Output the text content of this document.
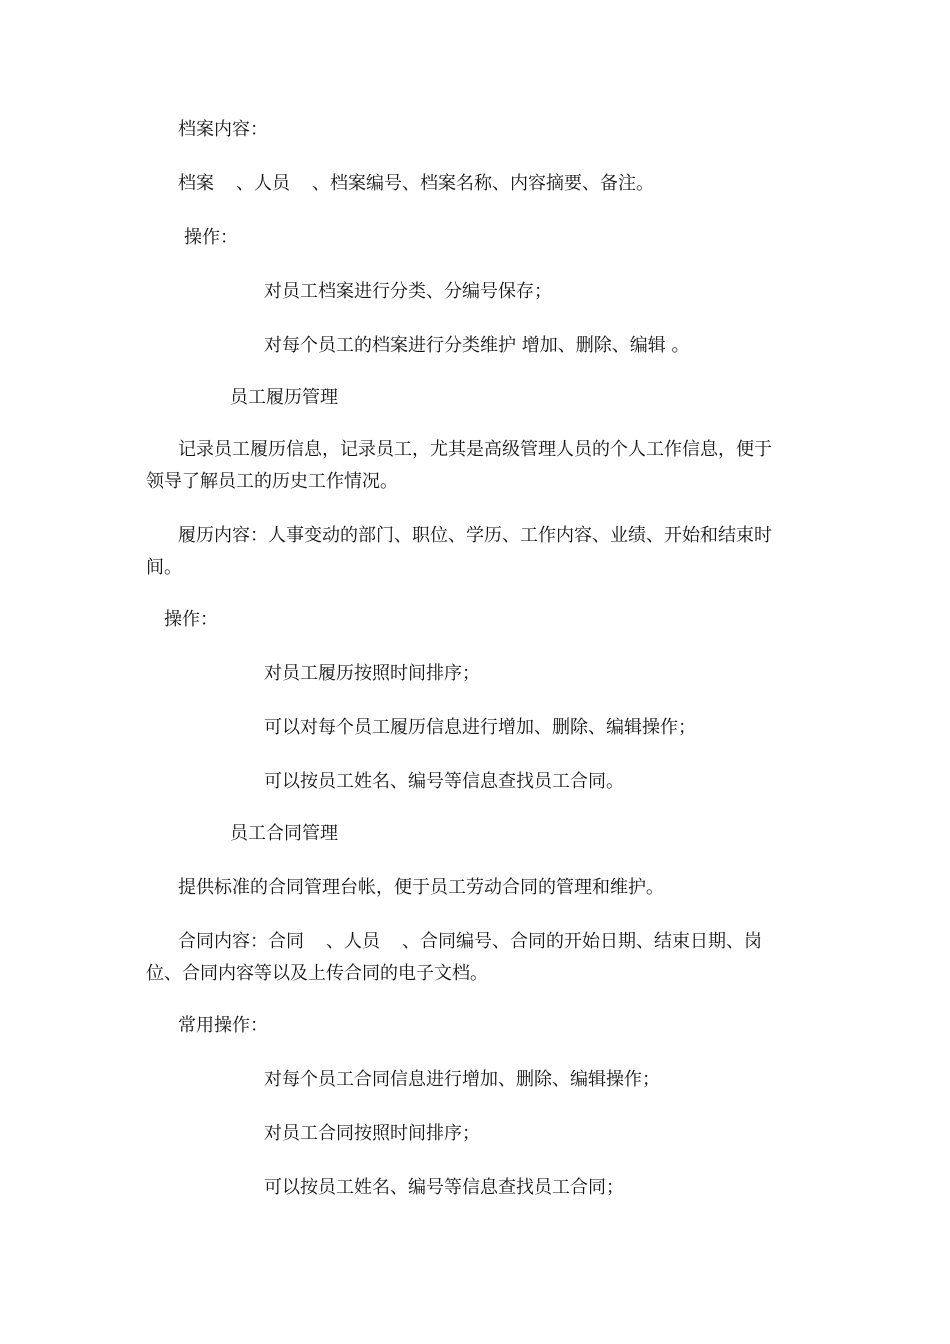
档案内容：

档案 、人员 、档案编号、档案名称、内容摘要、备注。

操作：

对员工档案进行分类、分编号保存；

对每个员工的档案进行分类维护 增加、删除、编辑 。

员工履历管理

记录员工履历信息，记录员工，尤其是高级管理人员的个人工作信息，便于

领导了解员工的历史工作情况。

履历内容：人事变动的部门、职位、学历、工作内容、业绩、开始和结束时

间。

操作：

对员工履历按照时间排序；

可以对每个员工履历信息进行增加、删除、编辑操作；

可以按员工姓名、编号等信息查找员工合同。

员工合同管理

提供标准的合同管理台帐，便于员工劳动合同的管理和维护。

合同内容：合同 、人员 、合同编号、合同的开始日期、结束日期、岗

位、合同内容等以及上传合同的电子文档。

常用操作：

对每个员工合同信息进行增加、删除、编辑操作；

对员工合同按照时间排序；

可以按员工姓名、编号等信息查找员工合同；
